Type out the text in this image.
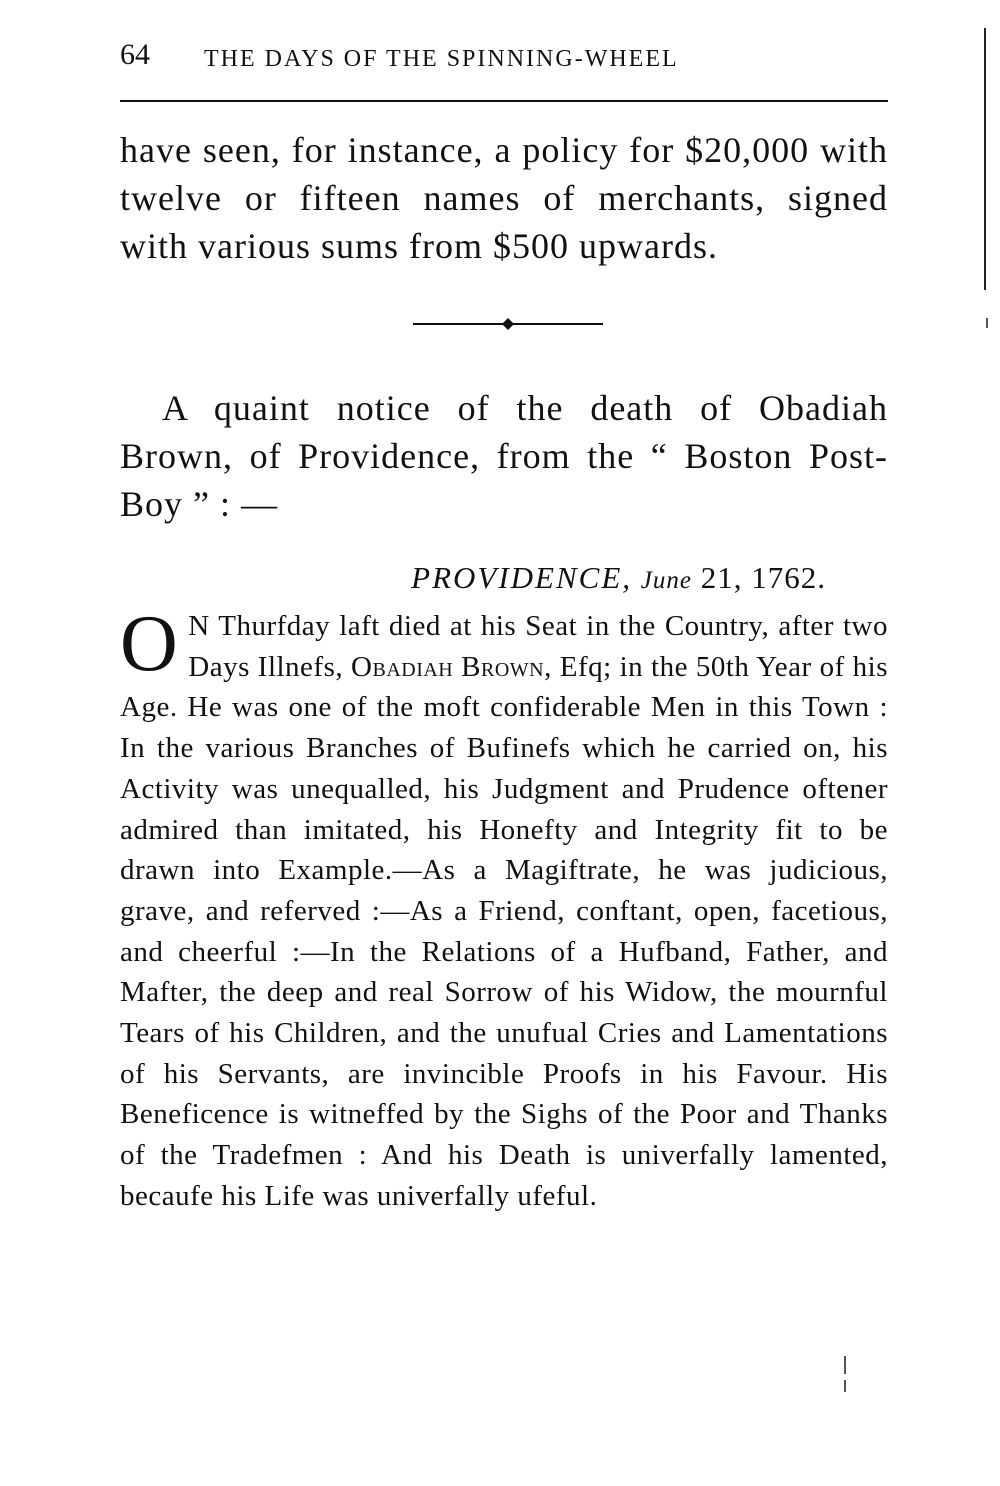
64 THE DAYS OF THE SPINNING-WHEEL

have seen, for instance, a policy for $20,000 with twelve or fifteen names of merchants, signed with various sums from $500 upwards.

A quaint notice of the death of Obadiah Brown, of Providence, from the “ Boston Post-Boy ” : —

PROVIDENCE, June 21, 1762.

O N Thurfday laft died at his Seat in the Country, after two Days Illnefs, Obadiah Brown, Efq; in the 50th Year of his Age. He was one of the moft confiderable Men in this Town : In the various Branches of Bufinefs which he carried on, his Activity was unequalled, his Judgment and Prudence oftener admired than imitated, his Honefty and Integrity fit to be drawn into Example.—As a Magiftrate, he was judicious, grave, and referved :—As a Friend, conftant, open, facetious, and cheerful :—In the Relations of a Hufband, Father, and Mafter, the deep and real Sorrow of his Widow, the mournful Tears of his Children, and the unufual Cries and Lamentations of his Servants, are invincible Proofs in his Favour. His Beneficence is witneffed by the Sighs of the Poor and Thanks of the Tradefmen : And his Death is univerfally lamented, becaufe his Life was univerfally ufeful.
